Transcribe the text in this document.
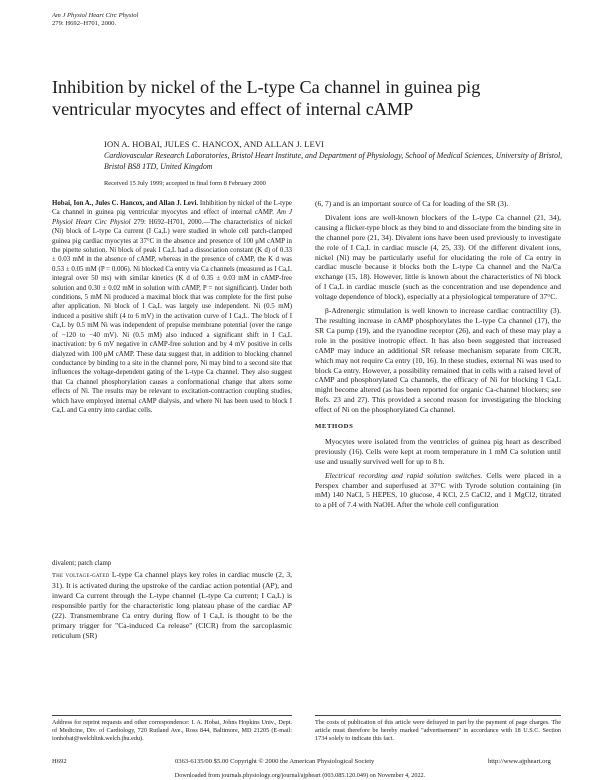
Am J Physiol Heart Circ Physiol
279: H692–H701, 2000.
Inhibition by nickel of the L-type Ca channel in guinea pig ventricular myocytes and effect of internal cAMP
ION A. HOBAI, JULES C. HANCOX, AND ALLAN J. LEVI
Cardiovascular Research Laboratories, Bristol Heart Institute, and Department of Physiology, School of Medical Sciences, University of Bristol, Bristol BS8 1TD, United Kingdom
Received 15 July 1999; accepted in final form 8 February 2000
Hobai, Ion A., Jules C. Hancox, and Allan J. Levi. Inhibition by nickel of the L-type Ca channel in guinea pig ventricular myocytes and effect of internal cAMP. Am J Physiol Heart Circ Physiol 279: H692–H701, 2000.—The characteristics of nickel (Ni) block of L-type Ca current (I Ca,L) were studied in whole cell patch-clamped guinea pig cardiac myocytes at 37°C in the absence and presence of 100 μM cAMP in the pipette solution. Ni block of peak I Ca,L had a dissociation constant (K d) of 0.33 ± 0.03 mM in the absence of cAMP, whereas in the presence of cAMP, the K d was 0.53 ± 0.05 mM (P = 0.006). Ni blocked Ca entry via Ca channels (measured as I Ca,L integral over 50 ms) with similar kinetics (K d of 0.35 ± 0.03 mM in cAMP-free solution and 0.30 ± 0.02 mM in solution with cAMP, P = not significant). Under both conditions, 5 mM Ni produced a maximal block that was complete for the first pulse after application. Ni block of I Ca,L was largely use independent. Ni (0.5 mM) induced a positive shift (4 to 6 mV) in the activation curve of I Ca,L. The block of I Ca,L by 0.5 mM Ni was independent of prepulse membrane potential (over the range of −120 to −40 mV). Ni (0.5 mM) also induced a significant shift in I Ca,L inactivation: by 6 mV negative in cAMP-free solution and by 4 mV positive in cells dialyzed with 100 μM cAMP. These data suggest that, in addition to blocking channel conductance by binding to a site in the channel pore, Ni may bind to a second site that influences the voltage-dependent gating of the L-type Ca channel. They also suggest that Ca channel phosphorylation causes a conformational change that alters some effects of Ni. The results may be relevant to excitation-contraction coupling studies, which have employed internal cAMP dialysis, and where Ni has been used to block I Ca,L and Ca entry into cardiac cells.
divalent; patch clamp
The voltage-gated L-type Ca channel plays key roles in cardiac muscle (2, 3, 31). It is activated during the upstroke of the cardiac action potential (AP), and inward Ca current through the L-type channel (L-type Ca current; I Ca,L) is responsible partly for the characteristic long plateau phase of the cardiac AP (22). Transmembrane Ca entry during flow of I Ca,L is thought to be the primary trigger for "Ca-induced Ca release" (CICR) from the sarcoplasmic reticulum (SR)

(6, 7) and is an important source of Ca for loading of the SR (3).

Divalent ions are well-known blockers of the L-type Ca channel (21, 34), causing a flicker-type block as they bind to and dissociate from the binding site in the channel pore (21, 34). Divalent ions have been used previously to investigate the role of I Ca,L in cardiac muscle (4, 25, 33). Of the different divalent ions, nickel (Ni) may be particularly useful for elucidating the role of Ca entry in cardiac muscle because it blocks both the L-type Ca channel and the Na/Ca exchange (15, 18). However, little is known about the characteristics of Ni block of I Ca,L in cardiac muscle (such as the concentration and use dependence and voltage dependence of block), especially at a physiological temperature of 37°C.

β-Adrenergic stimulation is well known to increase cardiac contractility (3). The resulting increase in cAMP phosphorylates the L-type Ca channel (17), the SR Ca pump (19), and the ryanodine receptor (26), and each of these may play a role in the positive inotropic effect. It has also been suggested that increased cAMP may induce an additional SR release mechanism separate from CICR, which may not require Ca entry (10, 16). In these studies, external Ni was used to block Ca entry. However, a possibility remained that in cells with a raised level of cAMP and phosphorylated Ca channels, the efficacy of Ni for blocking I Ca,L might become altered (as has been reported for organic Ca-channel blockers; see Refs. 23 and 27). This provided a second reason for investigating the blocking effect of Ni on the phosphorylated Ca channel.

METHODS

Myocytes were isolated from the ventricles of guinea pig heart as described previously (16). Cells were kept at room temperature in 1 mM Ca solution until use and usually survived well for up to 8 h.

Electrical recording and rapid solution switches. Cells were placed in a Perspex chamber and superfused at 37°C with Tyrode solution containing (in mM) 140 NaCl, 5 HEPES, 10 glucose, 4 KCl, 2.5 CaCl2, and 1 MgCl2, titrated to a pH of 7.4 with NaOH. After the whole cell configuration

Address for reprint requests and other correspondence: I. A. Hobai, Johns Hopkins Univ., Dept. of Medicine, Div. of Cardiology, 720 Rutland Ave., Ross 844, Baltimore, MD 21205 (E-mail: ionhobai@welchlink.welch.jhu.edu).
The costs of publication of this article were defrayed in part by the payment of page charges. The article must therefore be hereby marked "advertisement" in accordance with 18 U.S.C. Section 1734 solely to indicate this fact.
H692	0363-6135/00 $5.00 Copyright © 2000 the American Physiological Society	http://www.ajpheart.org
Downloaded from journals.physiology.org/journal/ajpheart (003.085.120.049) on November 4, 2022.
